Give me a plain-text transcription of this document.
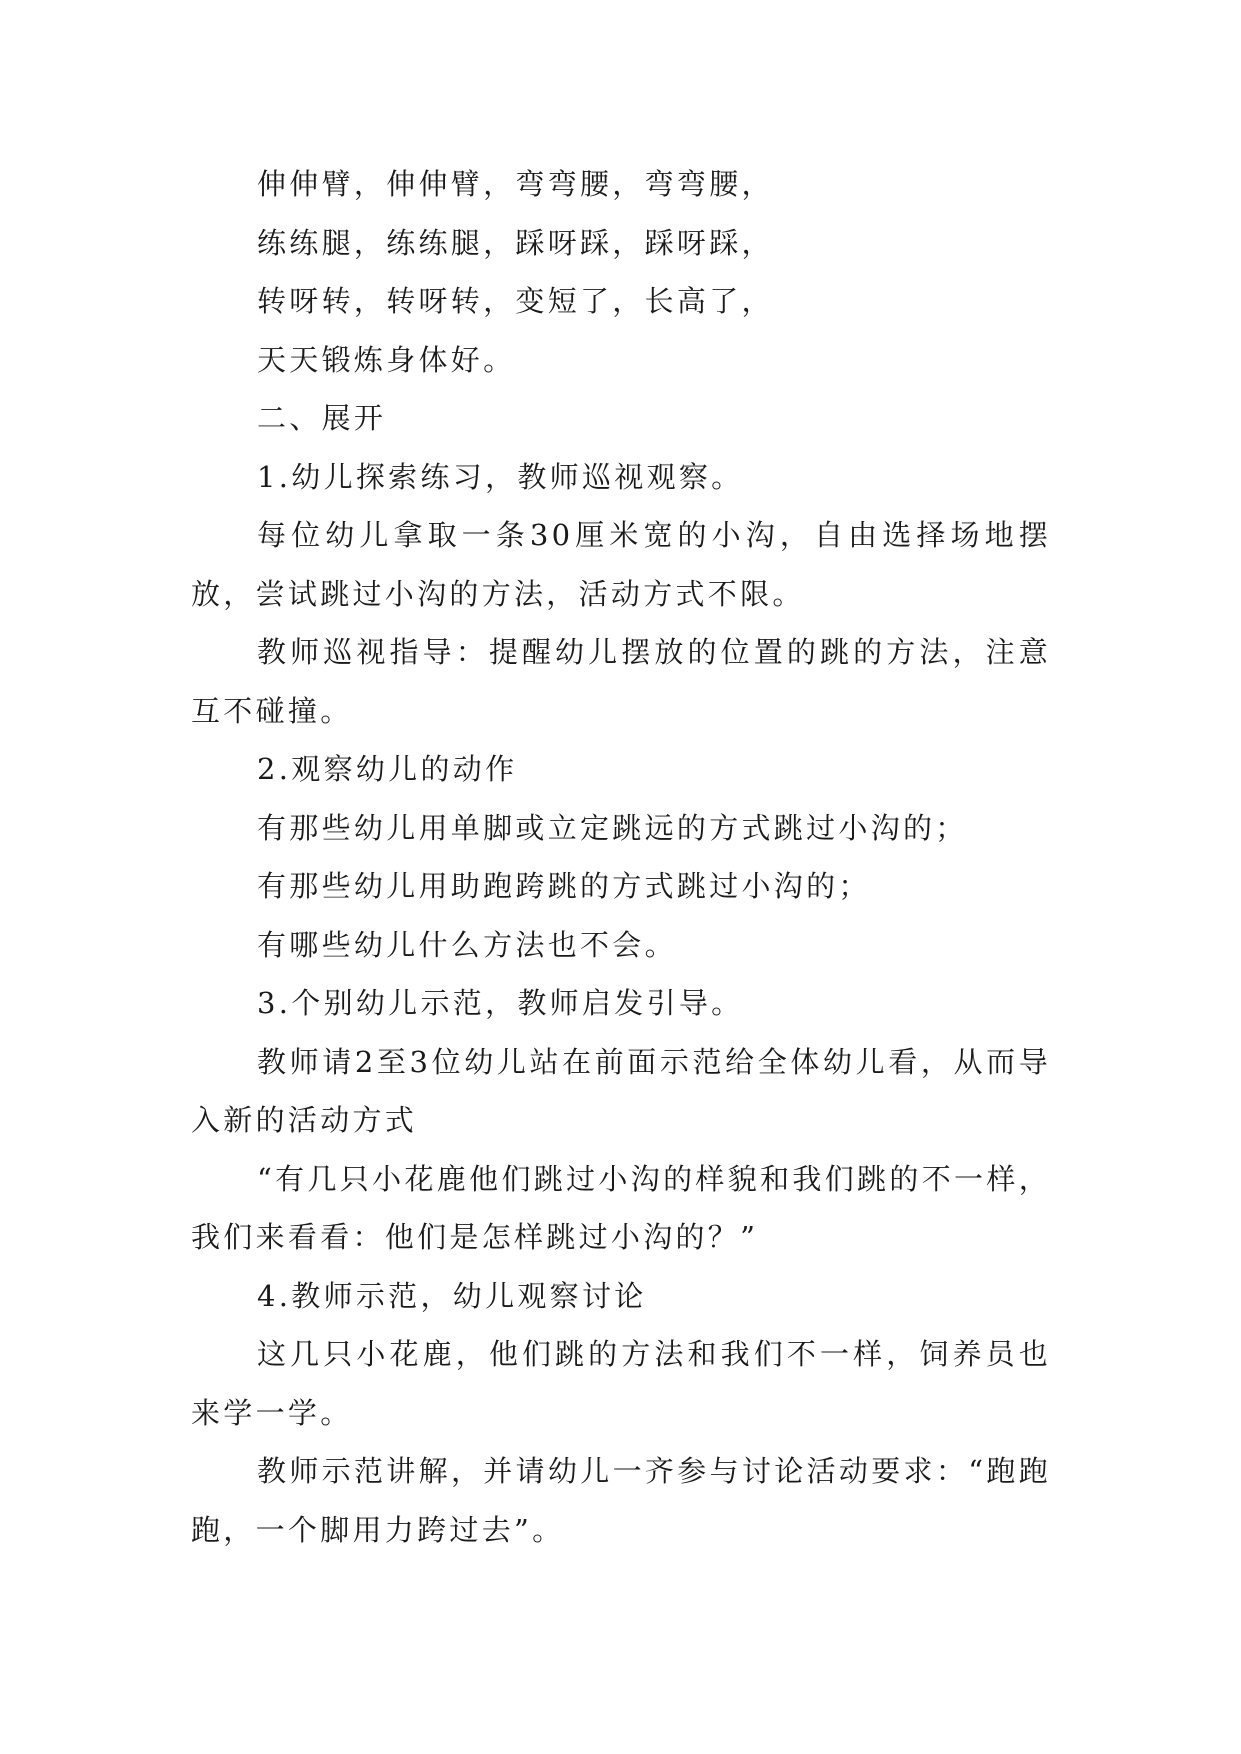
伸伸臂，伸伸臂，弯弯腰，弯弯腰，

练练腿，练练腿，踩呀踩，踩呀踩，

转呀转，转呀转，变短了，长高了，

天天锻炼身体好。

二、展开

1.幼儿探索练习，教师巡视观察。

每位幼儿拿取一条30厘米宽的小沟，自由选择场地摆放，尝试跳过小沟的方法，活动方式不限。

教师巡视指导：提醒幼儿摆放的位置的跳的方法，注意互不碰撞。

2.观察幼儿的动作

有那些幼儿用单脚或立定跳远的方式跳过小沟的；

有那些幼儿用助跑跨跳的方式跳过小沟的；

有哪些幼儿什么方法也不会。

3.个别幼儿示范，教师启发引导。

教师请2至3位幼儿站在前面示范给全体幼儿看，从而导入新的活动方式

“有几只小花鹿他们跳过小沟的样貌和我们跳的不一样，我们来看看：他们是怎样跳过小沟的？”

4.教师示范，幼儿观察讨论

这几只小花鹿，他们跳的方法和我们不一样，饲养员也来学一学。

教师示范讲解，并请幼儿一齐参与讨论活动要求：“跑跑跑，一个脚用力跨过去”。
